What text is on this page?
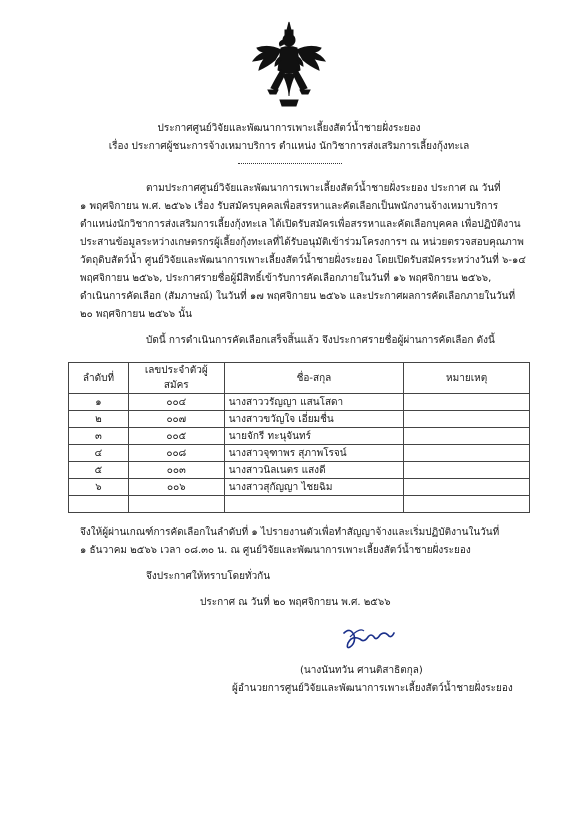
ประกาศศูนย์วิจัยและพัฒนาการเพาะเลี้ยงสัตว์น้ำชายฝั่งระยอง
เรื่อง ประกาศผู้ชนะการจ้างเหมาบริการ ตำแหน่ง นักวิชาการส่งเสริมการเลี้ยงกุ้งทะเล
ตามประกาศศูนย์วิจัยและพัฒนาการเพาะเลี้ยงสัตว์น้ำชายฝั่งระยอง ประกาศ ณ วันที่
๑ พฤศจิกายน พ.ศ. ๒๕๖๖ เรื่อง รับสมัครบุคคลเพื่อสรรหาและคัดเลือกเป็นพนักงานจ้างเหมาบริการ
ตำแหน่งนักวิชาการส่งเสริมการเลี้ยงกุ้งทะเล ได้เปิดรับสมัครเพื่อสรรหาและคัดเลือกบุคคล เพื่อปฏิบัติงาน
ประสานข้อมูลระหว่างเกษตรกรผู้เลี้ยงกุ้งทะเลที่ได้รับอนุมัติเข้าร่วมโครงการฯ ณ หน่วยตรวจสอบคุณภาพ
วัตถุดิบสัตว์น้ำ ศูนย์วิจัยและพัฒนาการเพาะเลี้ยงสัตว์น้ำชายฝั่งระยอง โดยเปิดรับสมัครระหว่างวันที่ ๖-๑๔
พฤศจิกายน ๒๕๖๖, ประกาศรายชื่อผู้มีสิทธิ์เข้ารับการคัดเลือกภายในวันที่ ๑๖ พฤศจิกายน ๒๕๖๖,
ดำเนินการคัดเลือก (สัมภาษณ์) ในวันที่ ๑๗ พฤศจิกายน ๒๕๖๖ และประกาศผลการคัดเลือกภายในวันที่
๒๐ พฤศจิกายน ๒๕๖๖ นั้น
บัดนี้ การดำเนินการคัดเลือกเสร็จสิ้นแล้ว จึงประกาศรายชื่อผู้ผ่านการคัดเลือก ดังนี้
ลำดับที่	เลขประจำตัวผู้สมัคร	ชื่อ-สกุล	หมายเหตุ
๑	๐๐๔	นางสาววรัญญา แสนโสดา	
๒	๐๐๗	นางสาวขวัญใจ เอี่ยมชื่น	
๓	๐๐๕	นายจักรี ทะนุจันทร์	
๔	๐๐๘	นางสาวจุฑาพร สุภาพโรจน์	
๕	๐๐๓	นางสาวนิลเนตร แสงดี	
๖	๐๐๖	นางสาวสุกัญญา ไชยฉิม	

จึงให้ผู้ผ่านเกณฑ์การคัดเลือกในลำดับที่ ๑ ไปรายงานตัวเพื่อทำสัญญาจ้างและเริ่มปฏิบัติงานในวันที่
๑ ธันวาคม ๒๕๖๖ เวลา ๐๘.๓๐ น. ณ ศูนย์วิจัยและพัฒนาการเพาะเลี้ยงสัตว์น้ำชายฝั่งระยอง
จึงประกาศให้ทราบโดยทั่วกัน
ประกาศ ณ วันที่ ๒๐ พฤศจิกายน พ.ศ. ๒๕๖๖
(นางนันทวัน ศานติสาธิตกุล)
ผู้อำนวยการศูนย์วิจัยและพัฒนาการเพาะเลี้ยงสัตว์น้ำชายฝั่งระยอง
